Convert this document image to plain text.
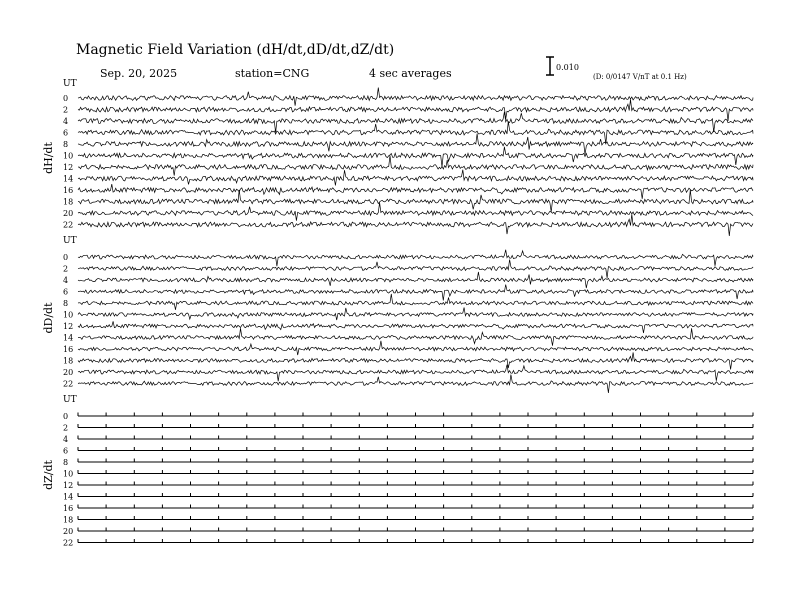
Magnetic Field Variation (dH/dt,dD/dt,dZ/dt)
Sep. 20, 2025	station=CNG	4 sec averages	0.010
(D: 0/0147 V/nT at 0.1 Hz)
UT
dH/dt
0
2
4
6
8
10
12
14
16
18
20
22
UT
dD/dt
0
2
4
6
8
10
12
14
16
18
20
22
UT
dZ/dt
0
2
4
6
8
10
12
14
16
18
20
22
